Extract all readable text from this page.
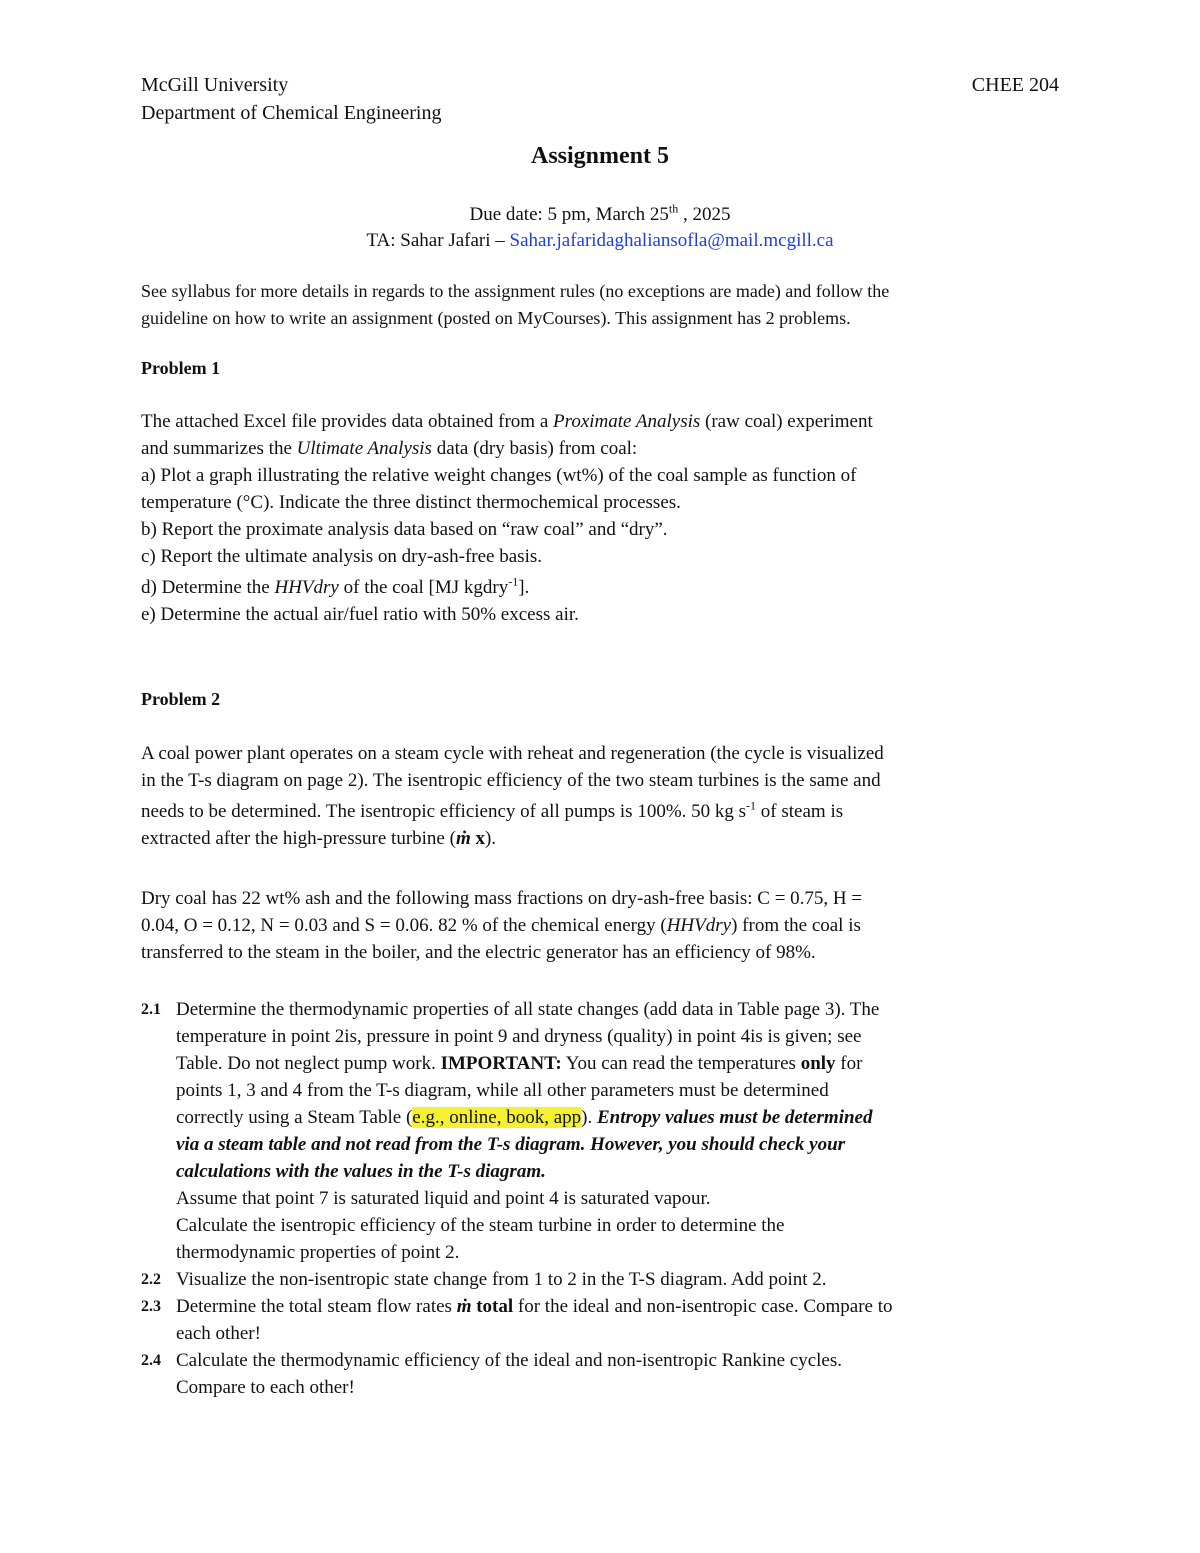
McGill University	CHEE 204
Department of Chemical Engineering
Assignment 5
Due date: 5 pm, March 25th , 2025
TA: Sahar Jafari – Sahar.jafaridaghaliansofla@mail.mcgill.ca
See syllabus for more details in regards to the assignment rules (no exceptions are made) and follow the
guideline on how to write an assignment (posted on MyCourses). This assignment has 2 problems.
Problem 1
The attached Excel file provides data obtained from a Proximate Analysis (raw coal) experiment
and summarizes the Ultimate Analysis data (dry basis) from coal:
a) Plot a graph illustrating the relative weight changes (wt%) of the coal sample as function of
temperature (°C). Indicate the three distinct thermochemical processes.
b) Report the proximate analysis data based on “raw coal” and “dry”.
c) Report the ultimate analysis on dry-ash-free basis.
d) Determine the HHVdry of the coal [MJ kgdry$^{-1}$].
e) Determine the actual air/fuel ratio with 50% excess air.
Problem 2
A coal power plant operates on a steam cycle with reheat and regeneration (the cycle is visualized
in the T-s diagram on page 2). The isentropic efficiency of the two steam turbines is the same and
needs to be determined. The isentropic efficiency of all pumps is 100%. 50 kg $s^{-1}$ of steam is
extracted after the high-pressure turbine (ṁ x).
Dry coal has 22 wt% ash and the following mass fractions on dry-ash-free basis: C = 0.75, H =
0.04, O = 0.12, N = 0.03 and S = 0.06. 82 % of the chemical energy (HHVdry) from the coal is
transferred to the steam in the boiler, and the electric generator has an efficiency of 98%.
2.1 Determine the thermodynamic properties of all state changes (add data in Table page 3). The
temperature in point 2is, pressure in point 9 and dryness (quality) in point 4is is given; see
Table. Do not neglect pump work. IMPORTANT: You can read the temperatures only for
points 1, 3 and 4 from the T-s diagram, while all other parameters must be determined
correctly using a Steam Table (e.g., online, book, app). Entropy values must be determined
via a steam table and not read from the T-s diagram. However, you should check your
calculations with the values in the T-s diagram.
Assume that point 7 is saturated liquid and point 4 is saturated vapour.
Calculate the isentropic efficiency of the steam turbine in order to determine the
thermodynamic properties of point 2.
2.2 Visualize the non-isentropic state change from 1 to 2 in the T-S diagram. Add point 2.
2.3 Determine the total steam flow rates ṁ total for the ideal and non-isentropic case. Compare to
each other!
2.4 Calculate the thermodynamic efficiency of the ideal and non-isentropic Rankine cycles.
Compare to each other!
